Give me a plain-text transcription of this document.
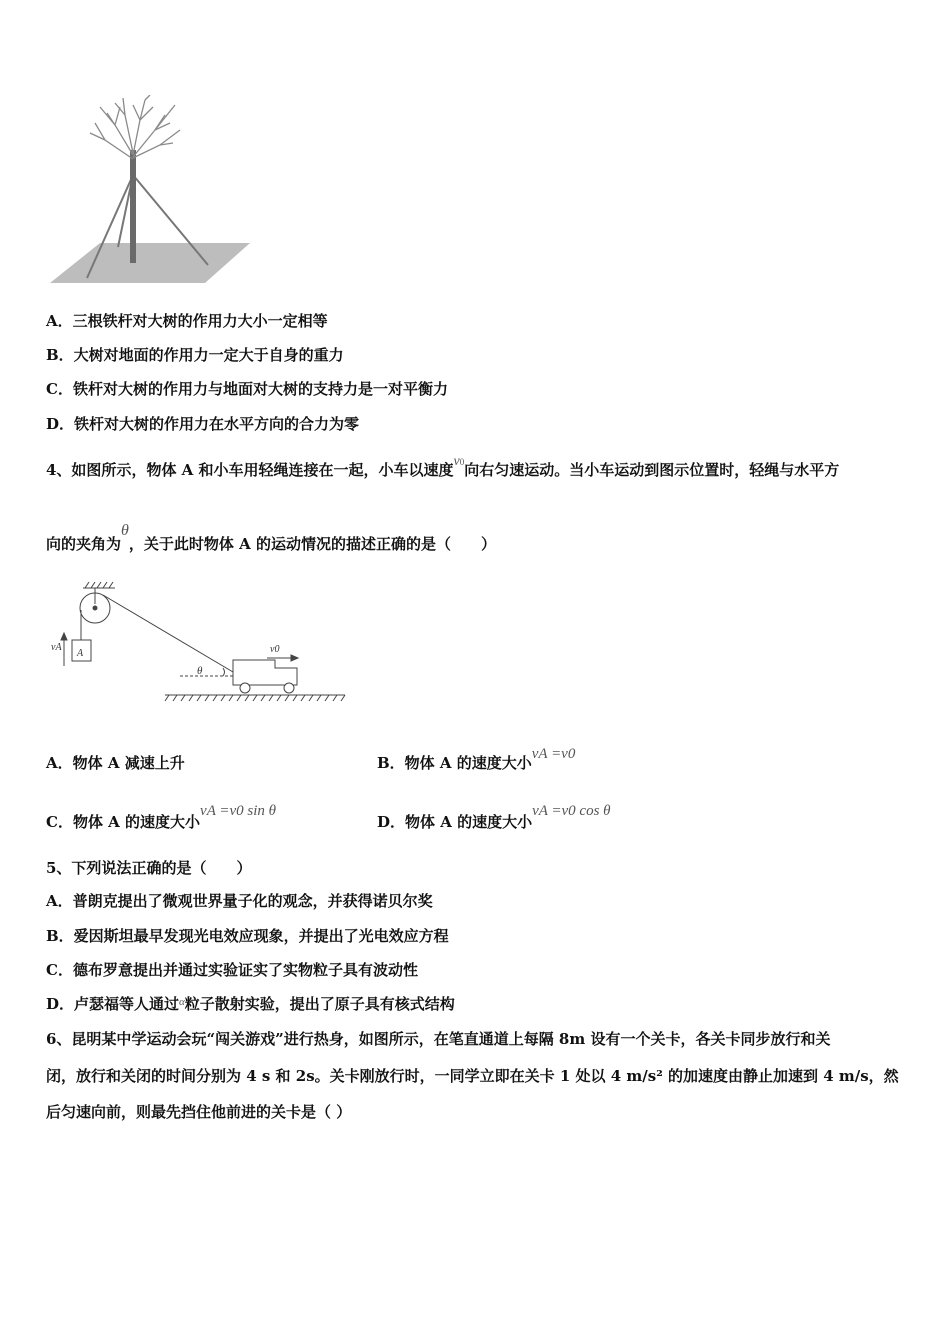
A．三根铁杆对大树的作用力大小一定相等
B．大树对地面的作用力一定大于自身的重力
C．铁杆对大树的作用力与地面对大树的支持力是一对平衡力
D．铁杆对大树的作用力在水平方向的合力为零
4、如图所示，物体 A 和小车用轻绳连接在一起，小车以速度v0向右匀速运动。当小车运动到图示位置时，轻绳与水平方
向的夹角为θ，关于此时物体 A 的运动情况的描述正确的是（　　）
vA
A
θ
v0
A．物体 A 减速上升	B．物体 A 的速度大小vA =v0
C．物体 A 的速度大小vA =v0 sin θ
D．物体 A 的速度大小vA =v0 cos θ
5、下列说法正确的是（　　）
A．普朗克提出了微观世界量子化的观念，并获得诺贝尔奖
B．爱因斯坦最早发现光电效应现象，并提出了光电效应方程
C．德布罗意提出并通过实验证实了实物粒子具有波动性
D．卢瑟福等人通过$^\alpha$粒子散射实验，提出了原子具有核式结构
6、昆明某中学运动会玩“闯关游戏”进行热身，如图所示，在笔直通道上每隔 8m 设有一个关卡，各关卡同步放行和关
闭，放行和关闭的时间分别为 4 s 和 2s。关卡刚放行时，一同学立即在关卡 1 处以 4 m/s² 的加速度由静止加速到 4 m/s，然
后匀速向前，则最先挡住他前进的关卡是（ ）
